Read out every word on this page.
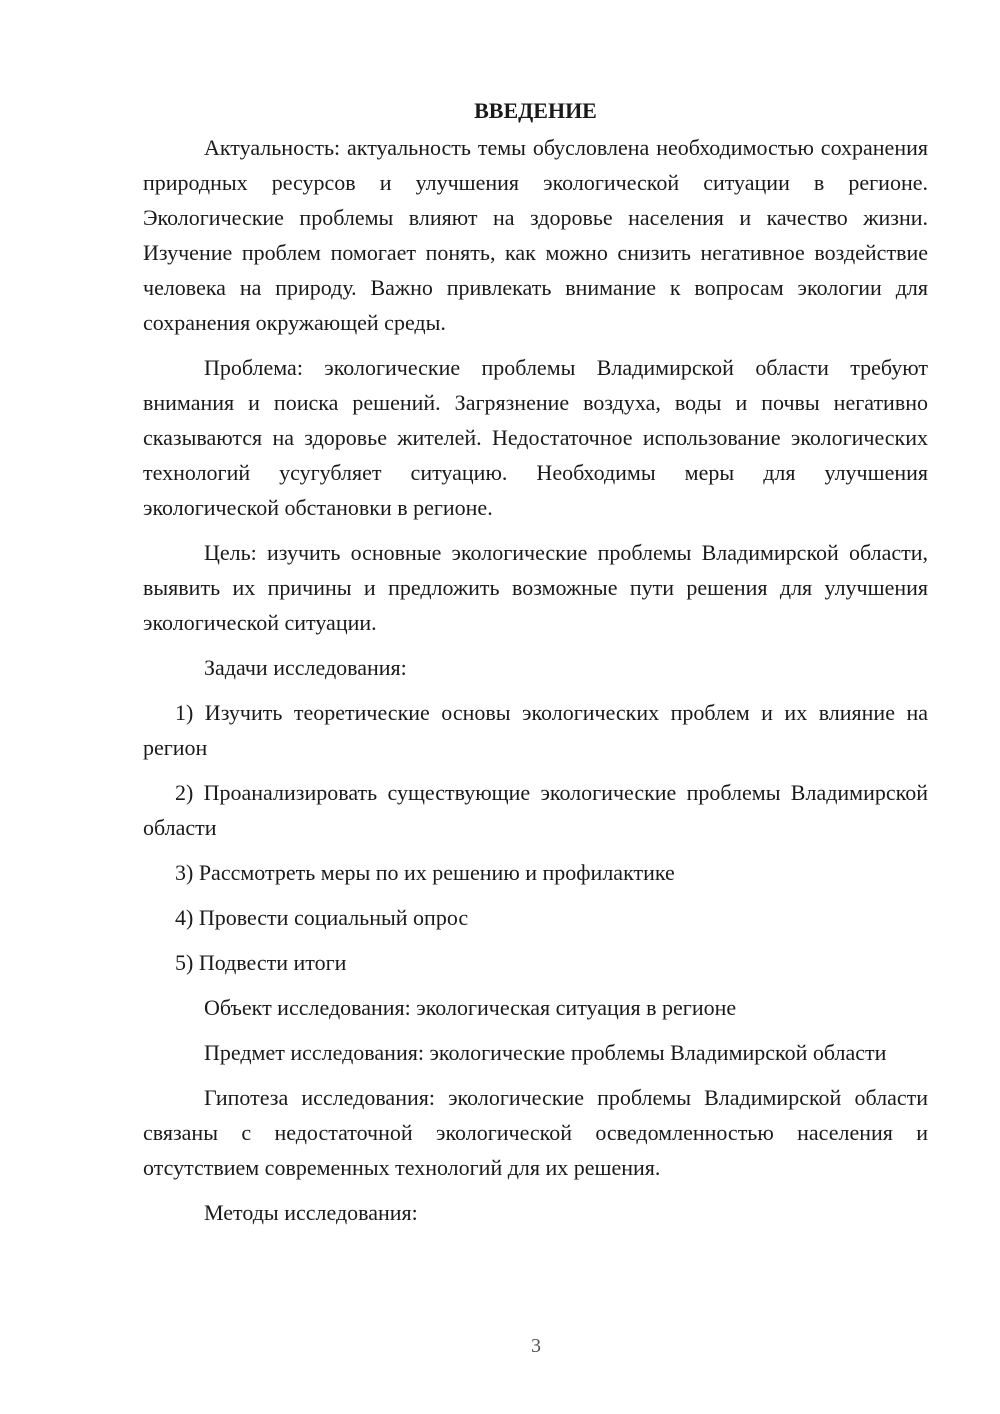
ВВЕДЕНИЕ

Актуальность: актуальность темы обусловлена необходимостью сохранения природных ресурсов и улучшения экологической ситуации в регионе. Экологические проблемы влияют на здоровье населения и качество жизни. Изучение проблем помогает понять, как можно снизить негативное воздействие человека на природу. Важно привлекать внимание к вопросам экологии для сохранения окружающей среды.

Проблема: экологические проблемы Владимирской области требуют внимания и поиска решений. Загрязнение воздуха, воды и почвы негативно сказываются на здоровье жителей. Недостаточное использование экологических технологий усугубляет ситуацию. Необходимы меры для улучшения экологической обстановки в регионе.

Цель: изучить основные экологические проблемы Владимирской области, выявить их причины и предложить возможные пути решения для улучшения экологической ситуации.

Задачи исследования:

1) Изучить теоретические основы экологических проблем и их влияние на регион

2) Проанализировать существующие экологические проблемы Владимирской области

3) Рассмотреть меры по их решению и профилактике

4) Провести социальный опрос

5) Подвести итоги

Объект исследования: экологическая ситуация в регионе

Предмет исследования: экологические проблемы Владимирской области

Гипотеза исследования: экологические проблемы Владимирской области связаны с недостаточной экологической осведомленностью населения и отсутствием современных технологий для их решения.

Методы исследования:

3
